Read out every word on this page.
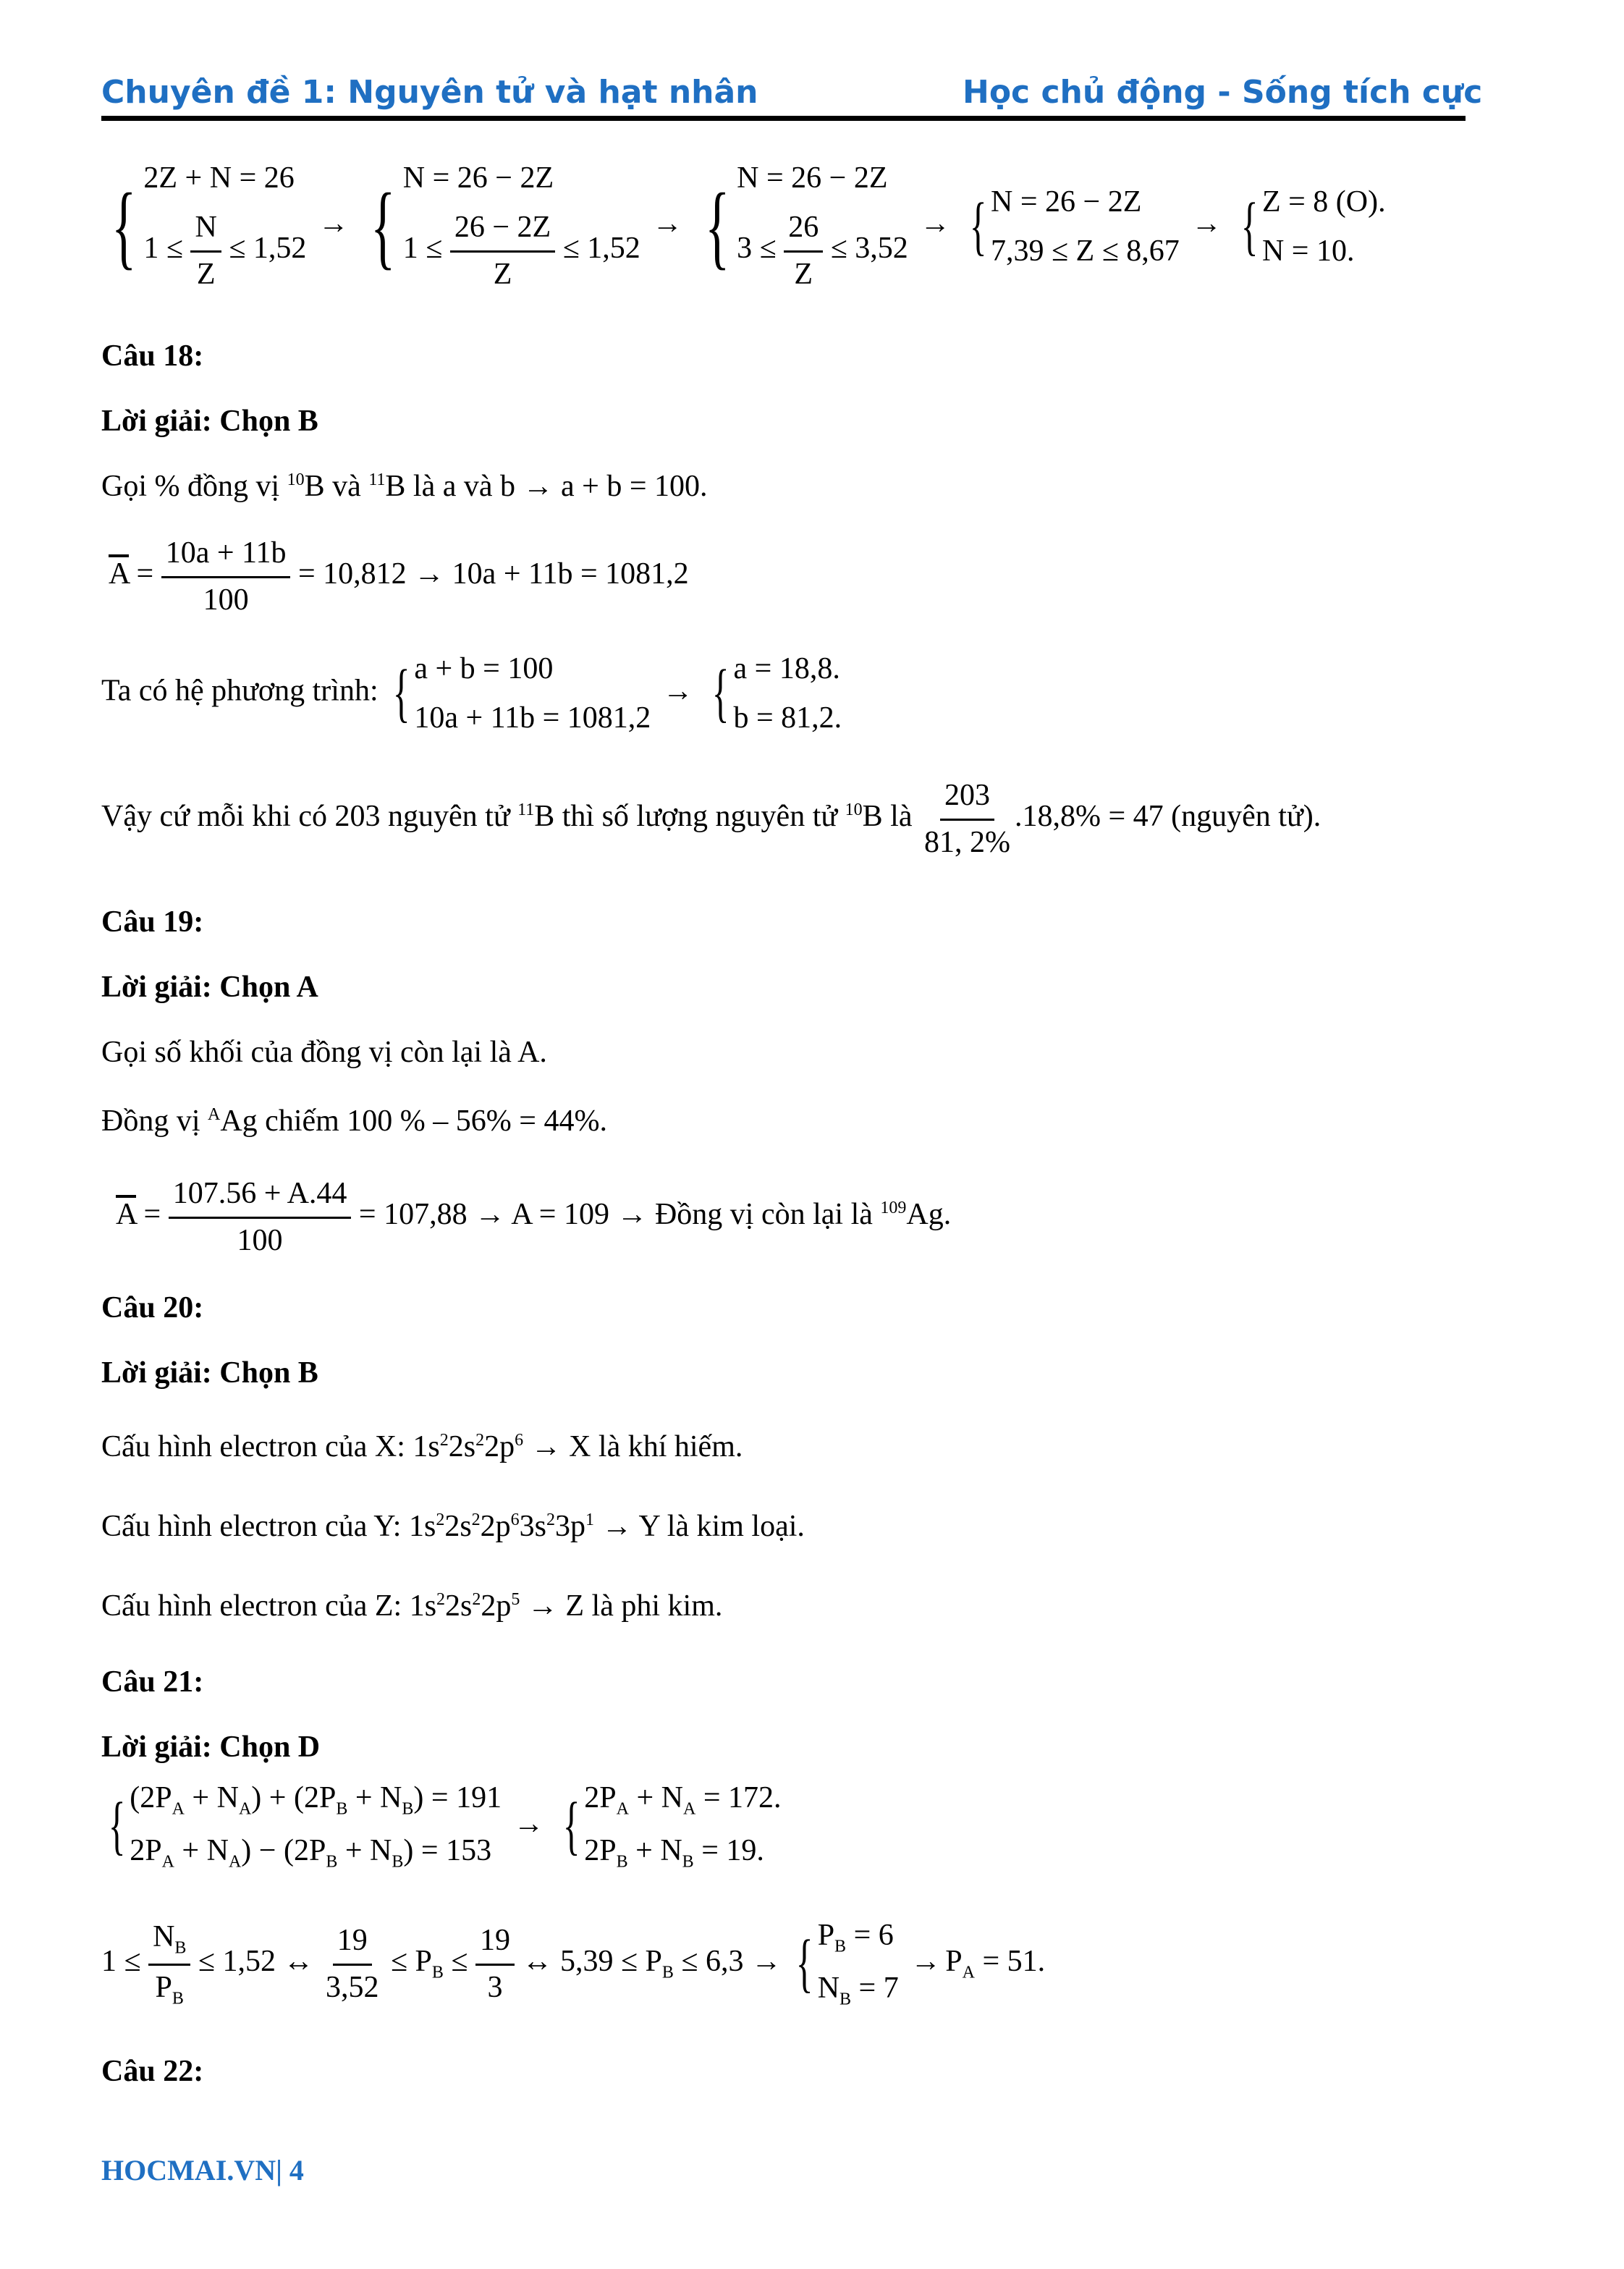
Chuyên đề 1: Nguyên tử và hạt nhân	Học chủ động - Sống tích cực
{ 2Z + N = 26
$1 \le \frac{N}{Z} \le 1,52$
→ { N = 26 − 2Z
$1 \le \frac{26 - 2Z}{Z} \le 1,52$
→ { N = 26 − 2Z
$3 \le \frac{26}{Z} \le 3,52$
→ { N = 26 − 2Z
7,39 ≤ Z ≤ 8,67
→ { Z = 8 (O).
N = 10.
Câu 18:
Lời giải: Chọn B
Gọi % đồng vị $^{10}$B và $^{11}$B là a và b → a + b = 100.
$\overline{A} = \frac{10a + 11b}{100} = 10,812 \to 10a + 11b = 1081,2$
Ta có hệ phương trình: { a + b = 100
10a + 11b = 1081,2
→ { a = 18,8.
b = 81,2.
Vậy cứ mỗi khi có 203 nguyên tử $^{11}$B thì số lượng nguyên tử $^{10}$B là $\frac{203}{81, 2\%} .18,8\% = 47$ (nguyên tử).
Câu 19:
Lời giải: Chọn A
Gọi số khối của đồng vị còn lại là A.
Đồng vị $^A$Ag chiếm 100 % – 56% = 44%.
$\overline{A} = \frac{107.56 + A.44}{100} = 107,88 \to A = 109$ → Đồng vị còn lại là $^{109}$Ag.
Câu 20:
Lời giải: Chọn B
Cấu hình electron của X: $1s^22s^22p^6 \to X$ là khí hiếm.
Cấu hình electron của Y: $1s^22s^22p^63s^23p^1 \to Y$ là kim loại.
Cấu hình electron của Z: $1s^22s^22p^5 \to Z$ là phi kim.
Câu 21:
Lời giải: Chọn D
{ $(2P_A + N_A) + (2P_B + N_B) = 191$
$2P_A + N_A) - (2P_B + N_B) = 153$
→ { $2P_A + N_A = 172$.
$2P_B + N_B = 19$.
$1 \le \frac{N_B}{P_B} \le 1,52$ ↔ $\frac{19}{3,52} \le P_B \le \frac{19}{3}$ ↔ $5,39 \le P_B \le 6,3$ → { $P_B = 6$
$N_B = 7$
→ $P_A = 51$.
Câu 22:
HOCMAI.VN| 4
